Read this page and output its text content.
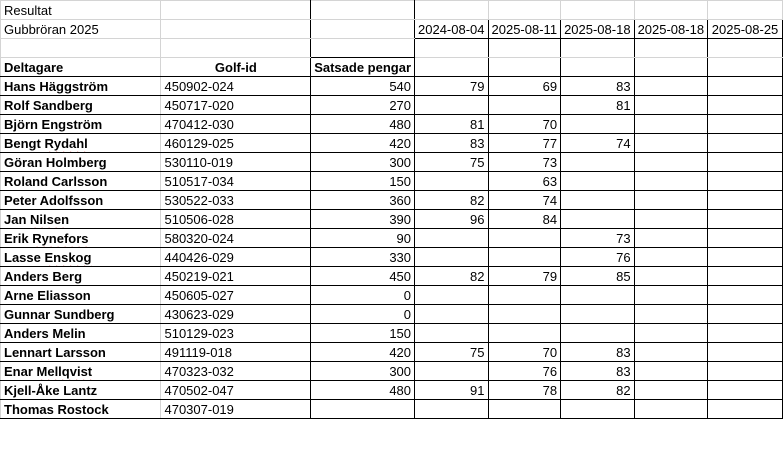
Resultat							
Gubbröran 2025			2024-08-04	2025-08-11	2025-08-18	2025-08-18	2025-08-25

Deltagare	Golf-id	Satsade pengar					
Hans Häggström	450902-024	540	79	69	83		
Rolf Sandberg	450717-020	270			81		
Björn Engström	470412-030	480	81	70			
Bengt Rydahl	460129-025	420	83	77	74		
Göran Holmberg	530110-019	300	75	73			
Roland Carlsson	510517-034	150		63			
Peter Adolfsson	530522-033	360	82	74			
Jan Nilsen	510506-028	390	96	84			
Erik Rynefors	580320-024	90			73		
Lasse Enskog	440426-029	330			76		
Anders Berg	450219-021	450	82	79	85		
Arne Eliasson	450605-027	0					
Gunnar Sundberg	430623-029	0					
Anders Melin	510129-023	150					
Lennart Larsson	491119-018	420	75	70	83		
Enar Mellqvist	470323-032	300		76	83		
Kjell-Åke Lantz	470502-047	480	91	78	82		
Thomas Rostock	470307-019						
